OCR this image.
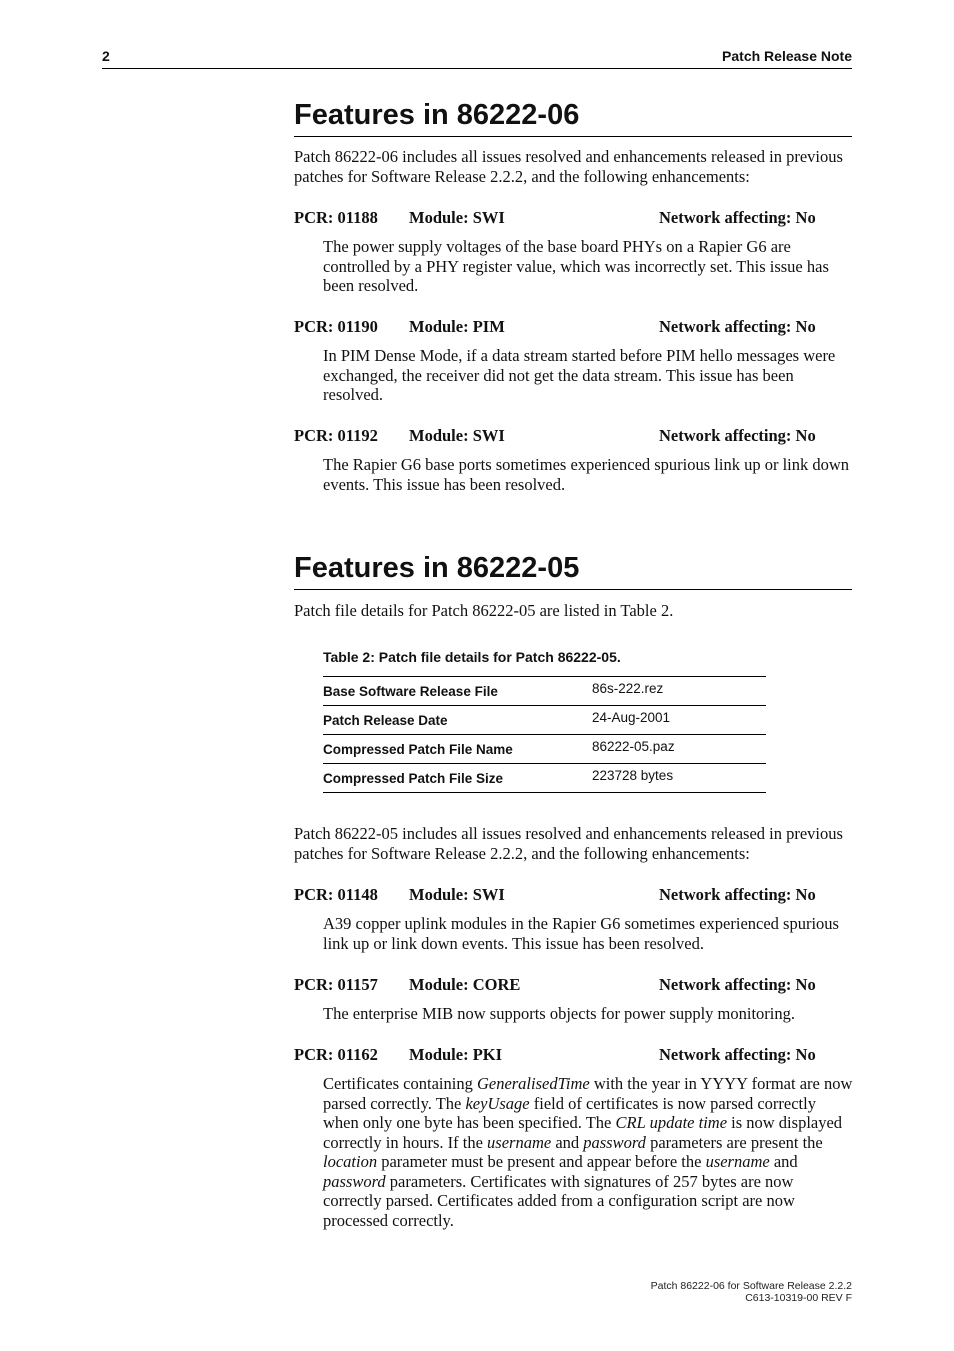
2	Patch Release Note
Features in 86222-06
Patch 86222-06 includes all issues resolved and enhancements released in previous patches for Software Release 2.2.2, and the following enhancements:
PCR: 01188 Module: SWI	Network affecting: No
The power supply voltages of the base board PHYs on a Rapier G6 are controlled by a PHY register value, which was incorrectly set. This issue has been resolved.
PCR: 01190 Module: PIM	Network affecting: No
In PIM Dense Mode, if a data stream started before PIM hello messages were exchanged, the receiver did not get the data stream. This issue has been resolved.
PCR: 01192 Module: SWI	Network affecting: No
The Rapier G6 base ports sometimes experienced spurious link up or link down events. This issue has been resolved.
Features in 86222-05
Patch file details for Patch 86222-05 are listed in Table 2.
Table 2: Patch file details for Patch 86222-05.
Base Software Release File	86s-222.rez
Patch Release Date	24-Aug-2001
Compressed Patch File Name	86222-05.paz
Compressed Patch File Size	223728 bytes
Patch 86222-05 includes all issues resolved and enhancements released in previous patches for Software Release 2.2.2, and the following enhancements:
PCR: 01148 Module: SWI	Network affecting: No
A39 copper uplink modules in the Rapier G6 sometimes experienced spurious link up or link down events. This issue has been resolved.
PCR: 01157 Module: CORE	Network affecting: No
The enterprise MIB now supports objects for power supply monitoring.
PCR: 01162 Module: PKI	Network affecting: No
Certificates containing GeneralisedTime with the year in YYYY format are now parsed correctly. The keyUsage field of certificates is now parsed correctly when only one byte has been specified. The CRL update time is now displayed correctly in hours. If the username and password parameters are present the location parameter must be present and appear before the username and password parameters. Certificates with signatures of 257 bytes are now correctly parsed. Certificates added from a configuration script are now processed correctly.
Patch 86222-06 for Software Release 2.2.2
C613-10319-00 REV F
